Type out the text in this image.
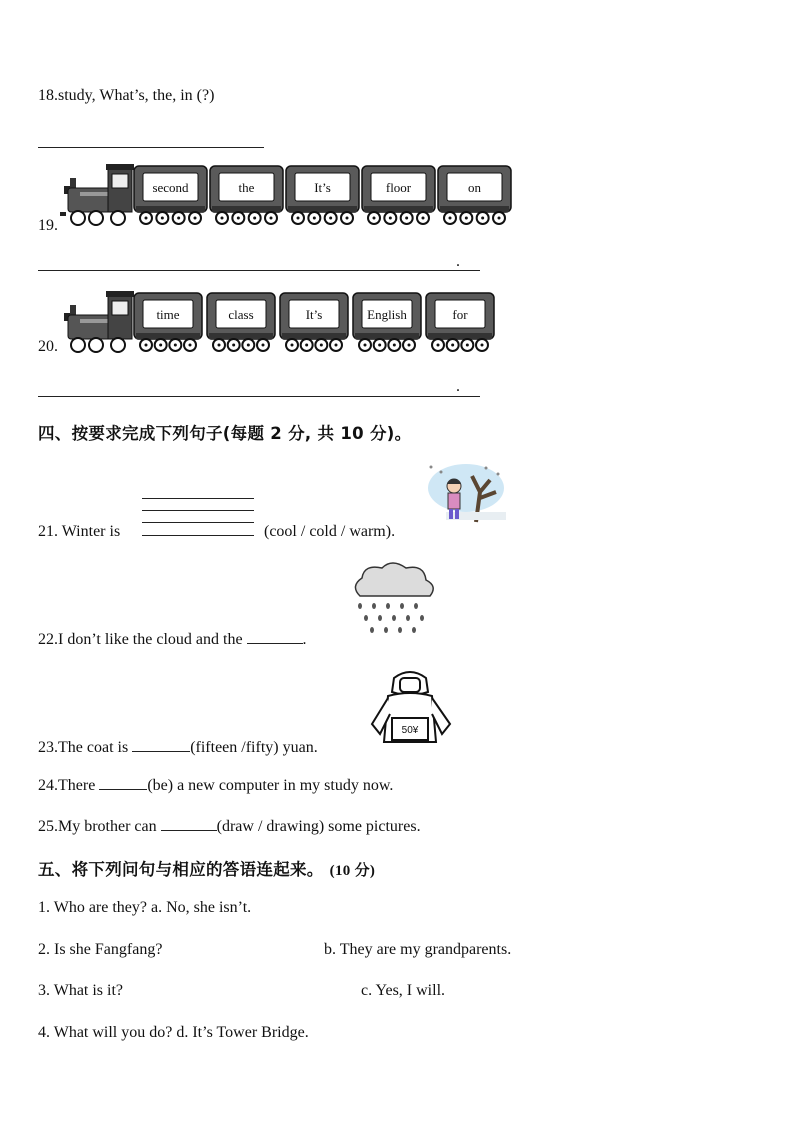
18.study, What’s, the, in (?)
19.
second	the	It’s	floor	on
.
20.
time	class	It’s	English	for
.
四、按要求完成下列句子(每题 2 分, 共 10 分)。
21. Winter is	(cool / cold / warm).
22.I don’t like the cloud and the	.
23.The coat is	(fifteen /fifty) yuan.
50¥
24.There	(be) a new computer in my study now.
25.My brother can	(draw / drawing) some pictures.
五、将下列问句与相应的答语连起来。 (10 分)
1. Who are they? a. No, she isn’t.
2. Is she Fangfang?	b. They are my grandparents.
3. What is it?	c. Yes, I will.
4. What will you do? d. It’s Tower Bridge.
